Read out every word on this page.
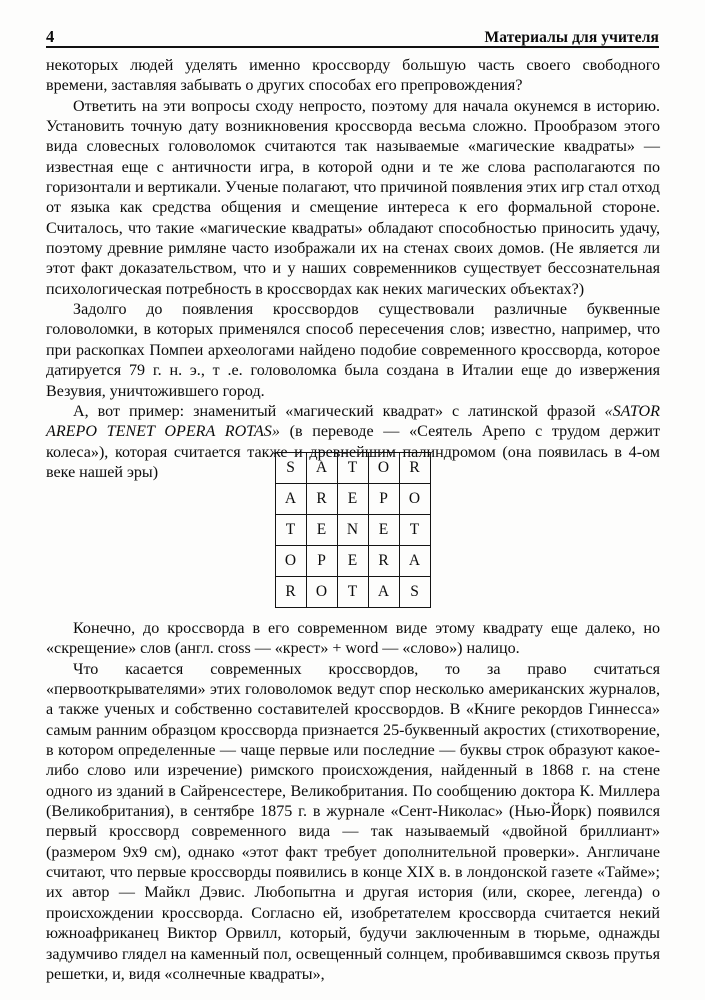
4	Материалы для учителя

некоторых людей уделять именно кроссворду большую часть своего свободного времени, заставляя забывать о других способах его препровождения?

Ответить на эти вопросы сходу непросто, поэтому для начала окунемся в историю. Установить точную дату возникновения кроссворда весьма сложно. Прообразом этого вида словесных головоломок считаются так называемые «магические квадраты» — известная еще с античности игра, в которой одни и те же слова располагаются по горизонтали и вертикали. Ученые полагают, что причиной появления этих игр стал отход от языка как средства общения и смещение интереса к его формальной стороне. Считалось, что такие «магические квадраты» обладают способностью приносить удачу, поэтому древние римляне часто изображали их на стенах своих домов. (Не является ли этот факт доказательством, что и у наших современников существует бессознательная психологическая потребность в кроссвордах как неких магических объектах?)

Задолго до появления кроссвордов существовали различные буквенные головоломки, в которых применялся способ пересечения слов; известно, например, что при раскопках Помпеи археологами найдено подобие современного кроссворда, которое датируется 79 г. н. э., т .е. головоломка была создана в Италии еще до извержения Везувия, уничтожившего город.

А, вот пример: знаменитый «магический квадрат» с латинской фразой «SATOR AREPO TENET OPERA ROTAS» (в переводе — «Сеятель Арепо с трудом держит колеса»), которая считается также и древнейшим палиндромом (она появилась в 4-ом веке нашей эры)	S	A	T	O	R
A	R	E	P	O
T	E	N	E	T
O	P	E	R	A
R	O	T	A	S

Конечно, до кроссворда в его современном виде этому квадрату еще далеко, но «скрещение» слов (англ. cross — «крест» + word — «слово») налицо.

Что касается современных кроссвордов, то за право считаться «первооткрывателями» этих головоломок ведут спор несколько американских журналов, а также ученых и собственно составителей кроссвордов. В «Книге рекордов Гиннесса» самым ранним образцом кроссворда признается 25-буквенный акростих (стихотворение, в котором определенные — чаще первые или последние — буквы строк образуют какое-либо слово или изречение) римского происхождения, найденный в 1868 г. на стене одного из зданий в Сайренсестере, Великобритания. По сообщению доктора К. Миллера (Великобритания), в сентябре 1875 г. в журнале «Сент-Николас» (Нью-Йорк) появился первый кроссворд современного вида — так называемый «двойной бриллиант» (размером 9х9 см), однако «этот факт требует дополнительной проверки». Англичане считают, что первые кроссворды появились в конце XIX в. в лондонской газете «Тайме»; их автор — Майкл Дэвис. Любопытна и другая история (или, скорее, легенда) о происхождении кроссворда. Согласно ей, изобретателем кроссворда считается некий южноафриканец Виктор Орвилл, который, будучи заключенным в тюрьме, однажды задумчиво глядел на каменный пол, освещенный солнцем, пробивавшимся сквозь прутья решетки, и, видя «солнечные квадраты»,
